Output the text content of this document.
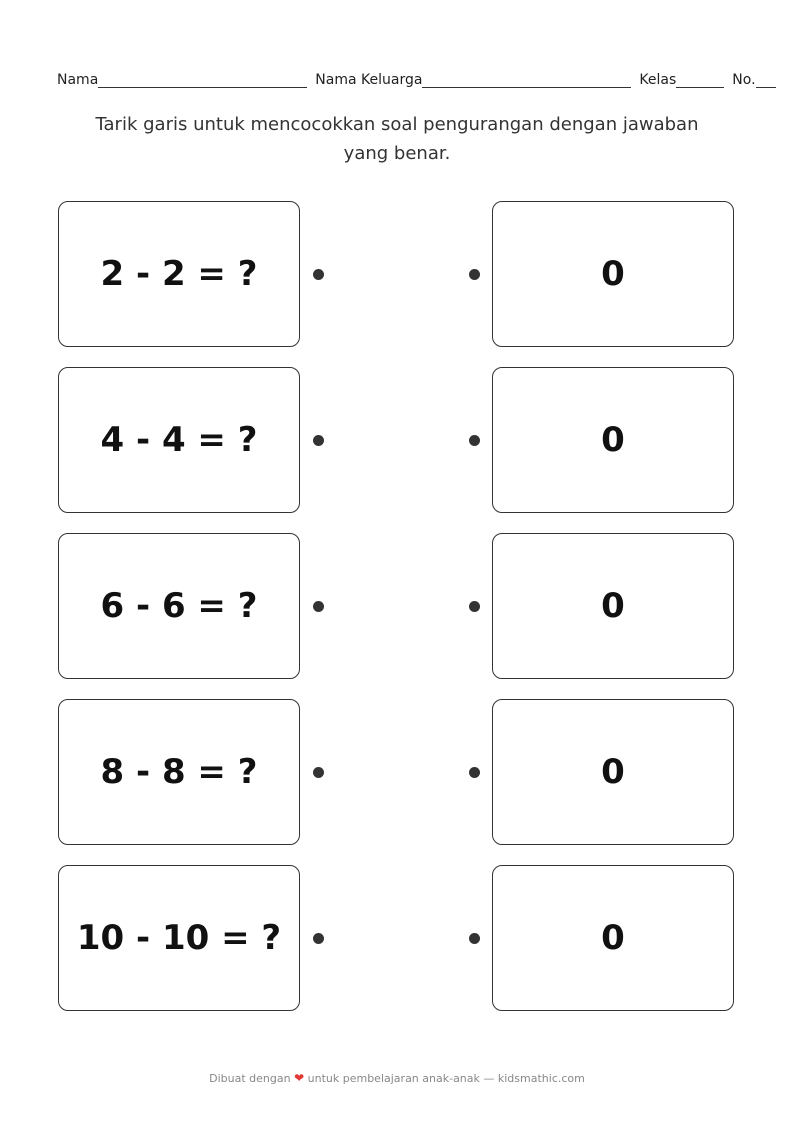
Nama	Nama Keluarga	Kelas	No.
Tarik garis untuk mencocokkan soal pengurangan dengan jawaban yang benar.
2 - 2 = ?	0
4 - 4 = ?	0
6 - 6 = ?	0
8 - 8 = ?	0
10 - 10 = ?	0
Dibuat dengan ❤ untuk pembelajaran anak-anak — kidsmathic.com
